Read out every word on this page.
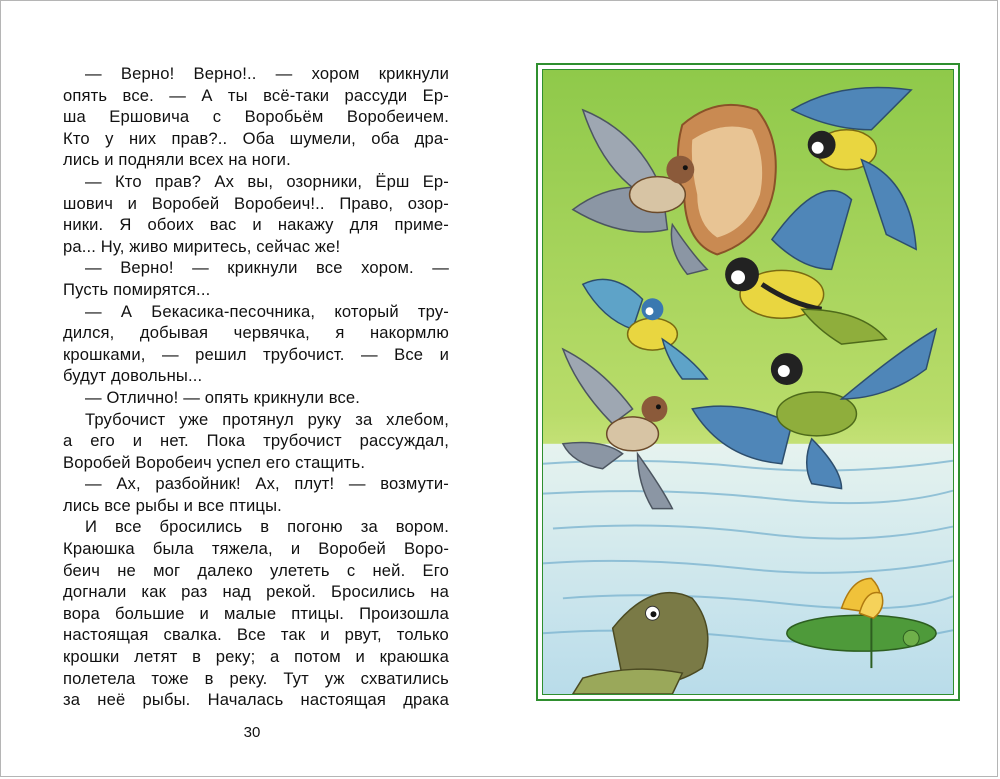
— Верно! Верно!.. — хором крикнули
опять все. — А ты всё-таки рассуди Ер-
ша Ершовича с Воробьём Воробеичем.
Кто у них прав?.. Оба шумели, оба дра-
лись и подняли всех на ноги.
— Кто прав? Ах вы, озорники, Ёрш Ер-
шович и Воробей Воробеич!.. Право, озор-
ники. Я обоих вас и накажу для приме-
ра... Ну, живо миритесь, сейчас же!
— Верно! — крикнули все хором. —
Пусть помирятся...
— А Бекасика-песочника, который тру-
дился, добывая червячка, я накормлю
крошками, — решил трубочист. — Все и
будут довольны...
— Отлично! — опять крикнули все.
Трубочист уже протянул руку за хлебом,
а его и нет. Пока трубочист рассуждал,
Воробей Воробеич успел его стащить.
— Ах, разбойник! Ах, плут! — возмути-
лись все рыбы и все птицы.
И все бросились в погоню за вором.
Краюшка была тяжела, и Воробей Воро-
беич не мог далеко улететь с ней. Его
догнали как раз над рекой. Бросились на
вора большие и малые птицы. Произошла
настоящая свалка. Все так и рвут, только
крошки летят в реку; а потом и краюшка
полетела тоже в реку. Тут уж схватились
за неё рыбы. Началась настоящая драка
30
